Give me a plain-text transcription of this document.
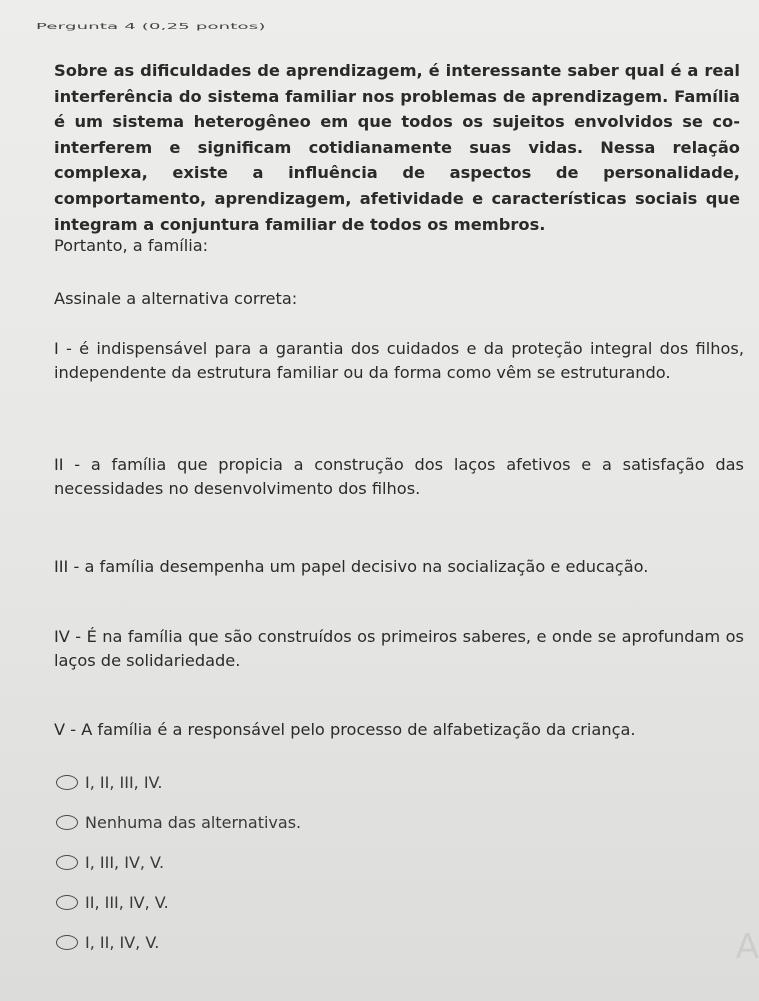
Pergunta 4 (0,25 pontos)
Sobre as dificuldades de aprendizagem, é interessante saber qual é a real interferência do sistema familiar nos problemas de aprendizagem. Família é um sistema heterogêneo em que todos os sujeitos envolvidos se co-interferem e significam cotidianamente suas vidas. Nessa relação complexa, existe a influência de aspectos de personalidade, comportamento, aprendizagem, afetividade e características sociais que integram a conjuntura familiar de todos os membros.
Portanto, a família:
Assinale a alternativa correta:
I - é indispensável para a garantia dos cuidados e da proteção integral dos filhos, independente da estrutura familiar ou da forma como vêm se estruturando.
II - a família que propicia a construção dos laços afetivos e a satisfação das necessidades no desenvolvimento dos filhos.
III - a família desempenha um papel decisivo na socialização e educação.
IV - É na família que são construídos os primeiros saberes, e onde se aprofundam os laços de solidariedade.
V - A família é a responsável pelo processo de alfabetização da criança.
I, II, III, IV.
Nenhuma das alternativas.
I, III, IV, V.
II, III, IV, V.
I, II, IV, V.	A
